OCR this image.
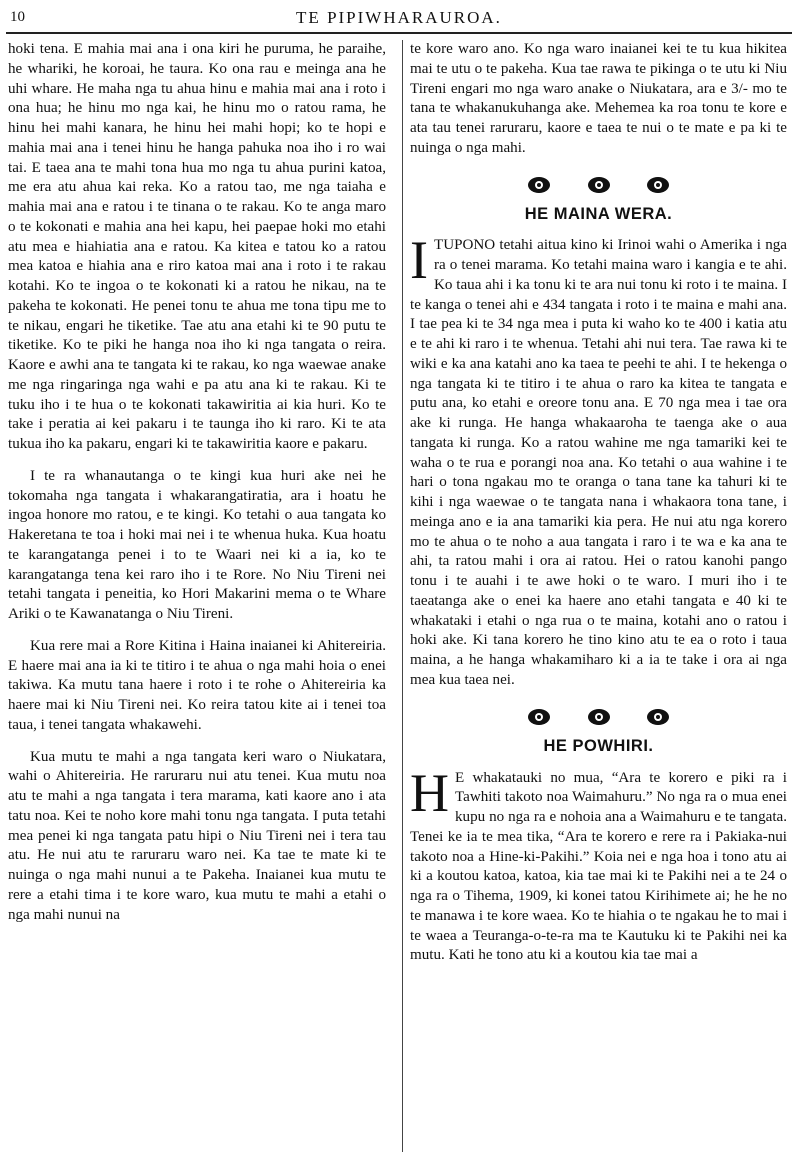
10	TE PIPIWHARAUROA.

hoki tena. E mahia mai ana i ona kiri he puruma, he paraihe, he whariki, he koroai, he taura. Ko ona rau e meinga ana he uhi whare. He maha nga tu ahua hinu e mahia mai ana i roto i ona hua; he hinu mo nga kai, he hinu mo o ratou rama, he hinu hei mahi kanara, he hinu hei mahi hopi; ko te hopi e mahia mai ana i tenei hinu he hanga pahuka noa iho i ro wai tai. E taea ana te mahi tona hua mo nga tu ahua purini katoa, me era atu ahua kai reka. Ko a ratou tao, me nga taiaha e mahia mai ana e ratou i te tinana o te rakau. Ko te anga maro o te kokonati e mahia ana hei kapu, hei paepae hoki mo etahi atu mea e hiahiatia ana e ratou. Ka kitea e tatou ko a ratou mea katoa e hiahia ana e riro katoa mai ana i roto i te rakau kotahi. Ko te ingoa o te kokonati ki a ratou he nikau, na te pakeha te kokonati. He penei tonu te ahua me tona tipu me to te nikau, engari he tiketike. Tae atu ana etahi ki te 90 putu te tiketike. Ko te piki he hanga noa iho ki nga tangata o reira. Kaore e awhi ana te tangata ki te rakau, ko nga waewae anake me nga ringaringa nga wahi e pa atu ana ki te rakau. Ki te tuku iho i te hua o te kokonati takawiritia ai kia huri. Ko te take i peratia ai kei pakaru i te taunga iho ki raro. Ki te ata tukua iho ka pakaru, engari ki te takawiritia kaore e pakaru.

I te ra whanautanga o te kingi kua huri ake nei he tokomaha nga tangata i whakarangatiratia, ara i hoatu he ingoa honore mo ratou, e te kingi. Ko tetahi o aua tangata ko Hakeretana te toa i hoki mai nei i te whenua huka. Kua hoatu te karangatanga penei i to te Waari nei ki a ia, ko te karangatanga tena kei raro iho i te Rore. No Niu Tireni nei tetahi tangata i peneitia, ko Hori Makarini mema o te Whare Ariki o te Kawanatanga o Niu Tireni.

Kua rere mai a Rore Kitina i Haina inaianei ki Ahitereiria. E haere mai ana ia ki te titiro i te ahua o nga mahi hoia o enei takiwa. Ka mutu tana haere i roto i te rohe o Ahitereiria ka haere mai ki Niu Tireni nei. Ko reira tatou kite ai i tenei toa taua, i tenei tangata whakawehi.

Kua mutu te mahi a nga tangata keri waro o Niukatara, wahi o Ahitereiria. He raruraru nui atu tenei. Kua mutu noa atu te mahi a nga tangata i tera marama, kati kaore ano i ata tatu noa. Kei te noho kore mahi tonu nga tangata. I puta tetahi mea penei ki nga tangata patu hipi o Niu Tireni nei i tera tau atu. He nui atu te raruraru waro nei. Ka tae te mate ki te nuinga o nga mahi nunui a te Pakeha. Inaianei kua mutu te rere a etahi tima i te kore waro, kua mutu te mahi a etahi o nga mahi nunui na

te kore waro ano. Ko nga waro inaianei kei te tu kua hikitea mai te utu o te pakeha. Kua tae rawa te pikinga o te utu ki Niu Tireni engari mo nga waro anake o Niukatara, ara e 3/- mo te tana te whakanukuhanga ake. Mehemea ka roa tonu te kore e ata tau tenei raruraru, kaore e taea te nui o te mate e pa ki te nuinga o nga mahi.

HE MAINA WERA.

ITUPONO tetahi aitua kino ki Irinoi wahi o Amerika i nga ra o tenei marama. Ko tetahi maina waro i kangia e te ahi. Ko taua ahi i ka tonu ki te ara nui tonu ki roto i te maina. I te kanga o tenei ahi e 434 tangata i roto i te maina e mahi ana. I tae pea ki te 34 nga mea i puta ki waho ko te 400 i katia atu e te ahi ki raro i te whenua. Tetahi ahi nui tera. Tae rawa ki te wiki e ka ana katahi ano ka taea te peehi te ahi. I te hekenga o nga tangata ki te titiro i te ahua o raro ka kitea te tangata e putu ana, ko etahi e oreore tonu ana. E 70 nga mea i tae ora ake ki runga. He hanga whakaaroha te taenga ake o aua tangata ki runga. Ko a ratou wahine me nga tamariki kei te waha o te rua e porangi noa ana. Ko tetahi o aua wahine i te hari o tona ngakau mo te oranga o tana tane ka tahuri ki te kihi i nga waewae o te tangata nana i whakaora tona tane, i meinga ano e ia ana tamariki kia pera. He nui atu nga korero mo te ahua o te noho a aua tangata i raro i te wa e ka ana te ahi, ta ratou mahi i ora ai ratou. Hei o ratou kanohi pango tonu i te auahi i te awe hoki o te waro. I muri iho i te taeatanga ake o enei ka haere ano etahi tangata e 40 ki te whakataki i etahi o nga rua o te maina, kotahi ano o ratou i hoki ake. Ki tana korero he tino kino atu te ea o roto i taua maina, a he hanga whakamiharo ki a ia te take i ora ai nga mea kua taea nei.

HE POWHIRI.

H E whakatauki no mua, “Ara te korero e piki ra i Tawhiti takoto noa Waimahuru.” No nga ra o mua enei kupu no nga ra e nohoia ana a Waimahuru e te tangata. Tenei ke ia te mea tika, “Ara te korero e rere ra i Pakiaka-nui takoto noa a Hine-ki-Pakihi.” Koia nei e nga hoa i tono atu ai ki a koutou katoa, katoa, kia tae mai ki te Pakihi nei a te 24 o nga ra o Tihema, 1909, ki konei tatou Kirihimete ai; he he no te manawa i te kore waea. Ko te hiahia o te ngakau he to mai i te waea a Teuranga-o-te-ra ma te Kautuku ki te Pakihi nei ka mutu. Kati he tono atu ki a koutou kia tae mai a
